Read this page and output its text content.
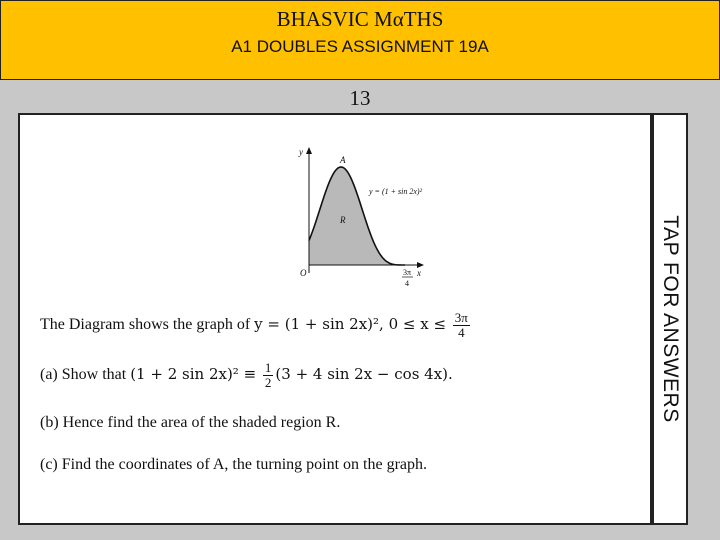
BHASVIC MαTHS
A1 DOUBLES ASSIGNMENT 19A
13
y
x
O
A
R
y = (1 + sin 2x)²
3π
4
The Diagram shows the graph of y = (1 + sin 2x)², $0 \le x \le \frac{3\pi}{4}$
(a) Show that (1 + 2 $\sin 2x)^2 \equiv \frac{1}{2} (3 + 4$ sin 2x − cos 4x).
(b) Hence find the area of the shaded region R.
(c) Find the coordinates of A, the turning point on the graph.
TAP FOR ANSWERS
